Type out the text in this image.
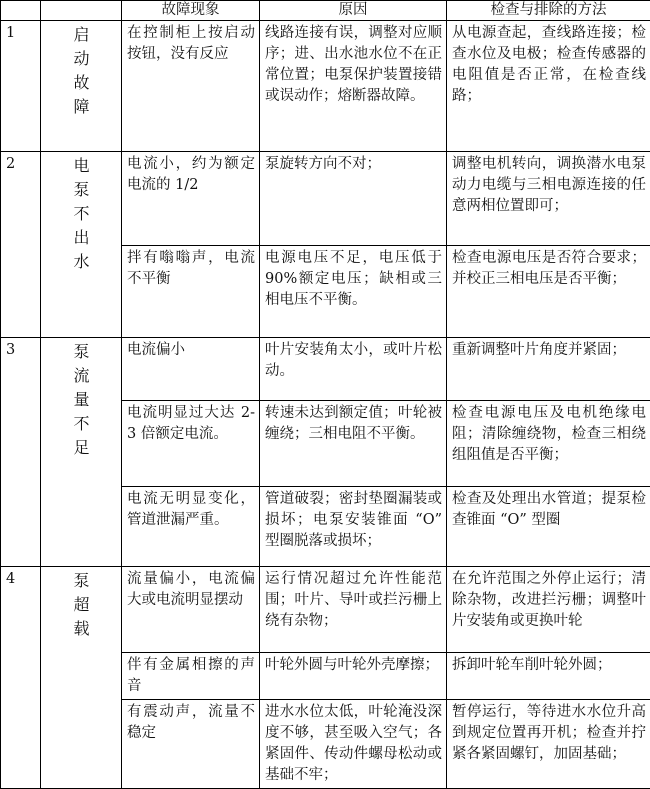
		故障现象	原因	检查与排除的方法
1	启动故障	在控制柜上按启动按钮，没有反应	线路连接有误，调整对应顺序；进、出水池水位不在正常位置；电泵保护装置接错或误动作；熔断器故障。	从电源查起，查线路连接；检查水位及电极；检查传感器的电阻值是否正常，在检查线路；
2	电泵不出水	电流小，约为额定电流的 1/2	泵旋转方向不对；	调整电机转向，调换潜水电泵动力电缆与三相电源连接的任意两相位置即可；
		拌有嗡嗡声，电流不平衡	电源电压不足，电压低于 90%额定电压；缺相或三相电压不平衡。	检查电源电压是否符合要求；并校正三相电压是否平衡；
3	泵流量不足	电流偏小	叶片安装角太小，或叶片松动。	重新调整叶片角度并紧固；
		电流明显过大达 2-3 倍额定电流。	转速未达到额定值；叶轮被缠绕；三相电阻不平衡。	检查电源电压及电机绝缘电阻；清除缠绕物，检查三相绕组阻值是否平衡；
		电流无明显变化，管道泄漏严重。	管道破裂；密封垫圈漏装或损坏；电泵安装锥面 “O” 型圈脱落或损坏；	检查及处理出水管道；提泵检查锥面 “O” 型圈
4	泵超载	流量偏小，电流偏大或电流明显摆动	运行情况超过允许性能范围；叶片、导叶或拦污栅上绕有杂物；	在允许范围之外停止运行；清除杂物，改进拦污栅；调整叶片安装角或更换叶轮
		伴有金属相擦的声音	叶轮外圆与叶轮外壳摩擦；	拆卸叶轮车削叶轮外圆；
		有震动声，流量不稳定	进水水位太低，叶轮淹没深度不够，甚至吸入空气；各紧固件、传动件螺母松动或基础不牢；	暂停运行，等待进水水位升高到规定位置再开机；检查并拧紧各紧固螺钉，加固基础；
